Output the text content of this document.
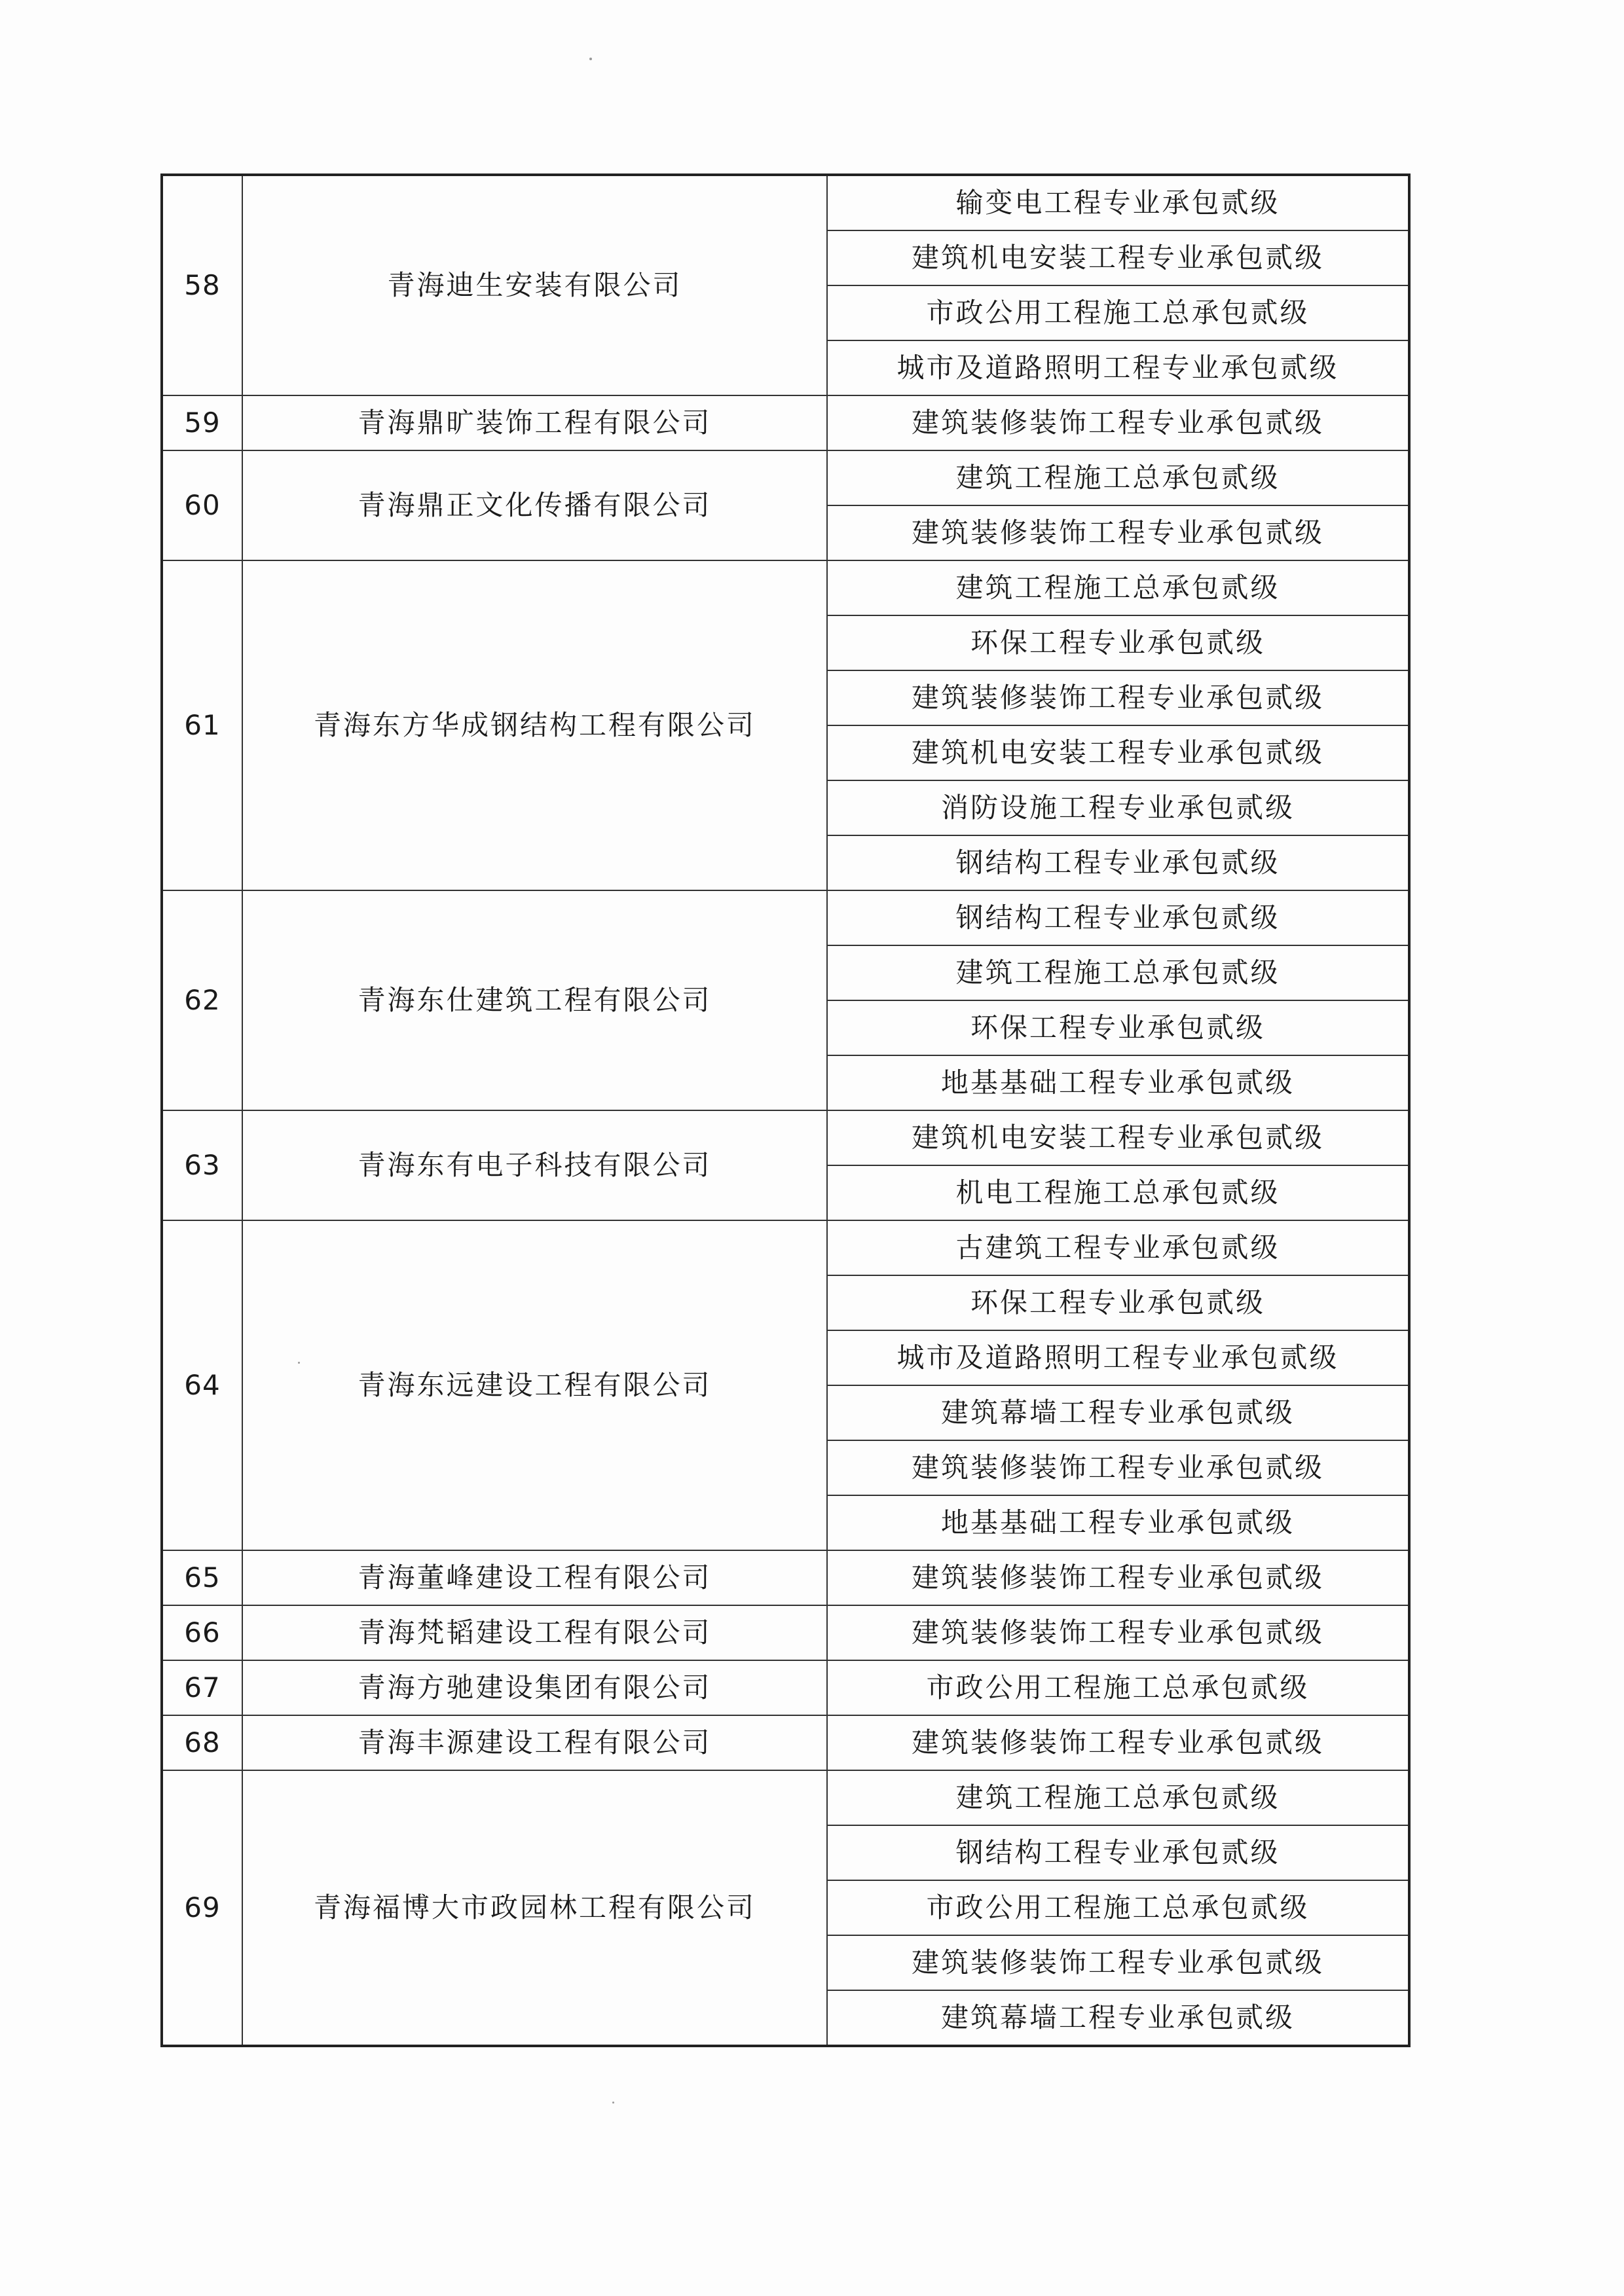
58	青海迪生安装有限公司	输变电工程专业承包贰级
		建筑机电安装工程专业承包贰级
		市政公用工程施工总承包贰级
		城市及道路照明工程专业承包贰级
59	青海鼎旷装饰工程有限公司	建筑装修装饰工程专业承包贰级
60	青海鼎正文化传播有限公司	建筑工程施工总承包贰级
		建筑装修装饰工程专业承包贰级
61	青海东方华成钢结构工程有限公司	建筑工程施工总承包贰级
		环保工程专业承包贰级
		建筑装修装饰工程专业承包贰级
		建筑机电安装工程专业承包贰级
		消防设施工程专业承包贰级
		钢结构工程专业承包贰级
62	青海东仕建筑工程有限公司	钢结构工程专业承包贰级
		建筑工程施工总承包贰级
		环保工程专业承包贰级
		地基基础工程专业承包贰级
63	青海东有电子科技有限公司	建筑机电安装工程专业承包贰级
		机电工程施工总承包贰级
64	青海东远建设工程有限公司	古建筑工程专业承包贰级
		环保工程专业承包贰级
		城市及道路照明工程专业承包贰级
		建筑幕墙工程专业承包贰级
		建筑装修装饰工程专业承包贰级
		地基基础工程专业承包贰级
65	青海董峰建设工程有限公司	建筑装修装饰工程专业承包贰级
66	青海梵韬建设工程有限公司	建筑装修装饰工程专业承包贰级
67	青海方驰建设集团有限公司	市政公用工程施工总承包贰级
68	青海丰源建设工程有限公司	建筑装修装饰工程专业承包贰级
69	青海福博大市政园林工程有限公司	建筑工程施工总承包贰级
		钢结构工程专业承包贰级
		市政公用工程施工总承包贰级
		建筑装修装饰工程专业承包贰级
		建筑幕墙工程专业承包贰级
